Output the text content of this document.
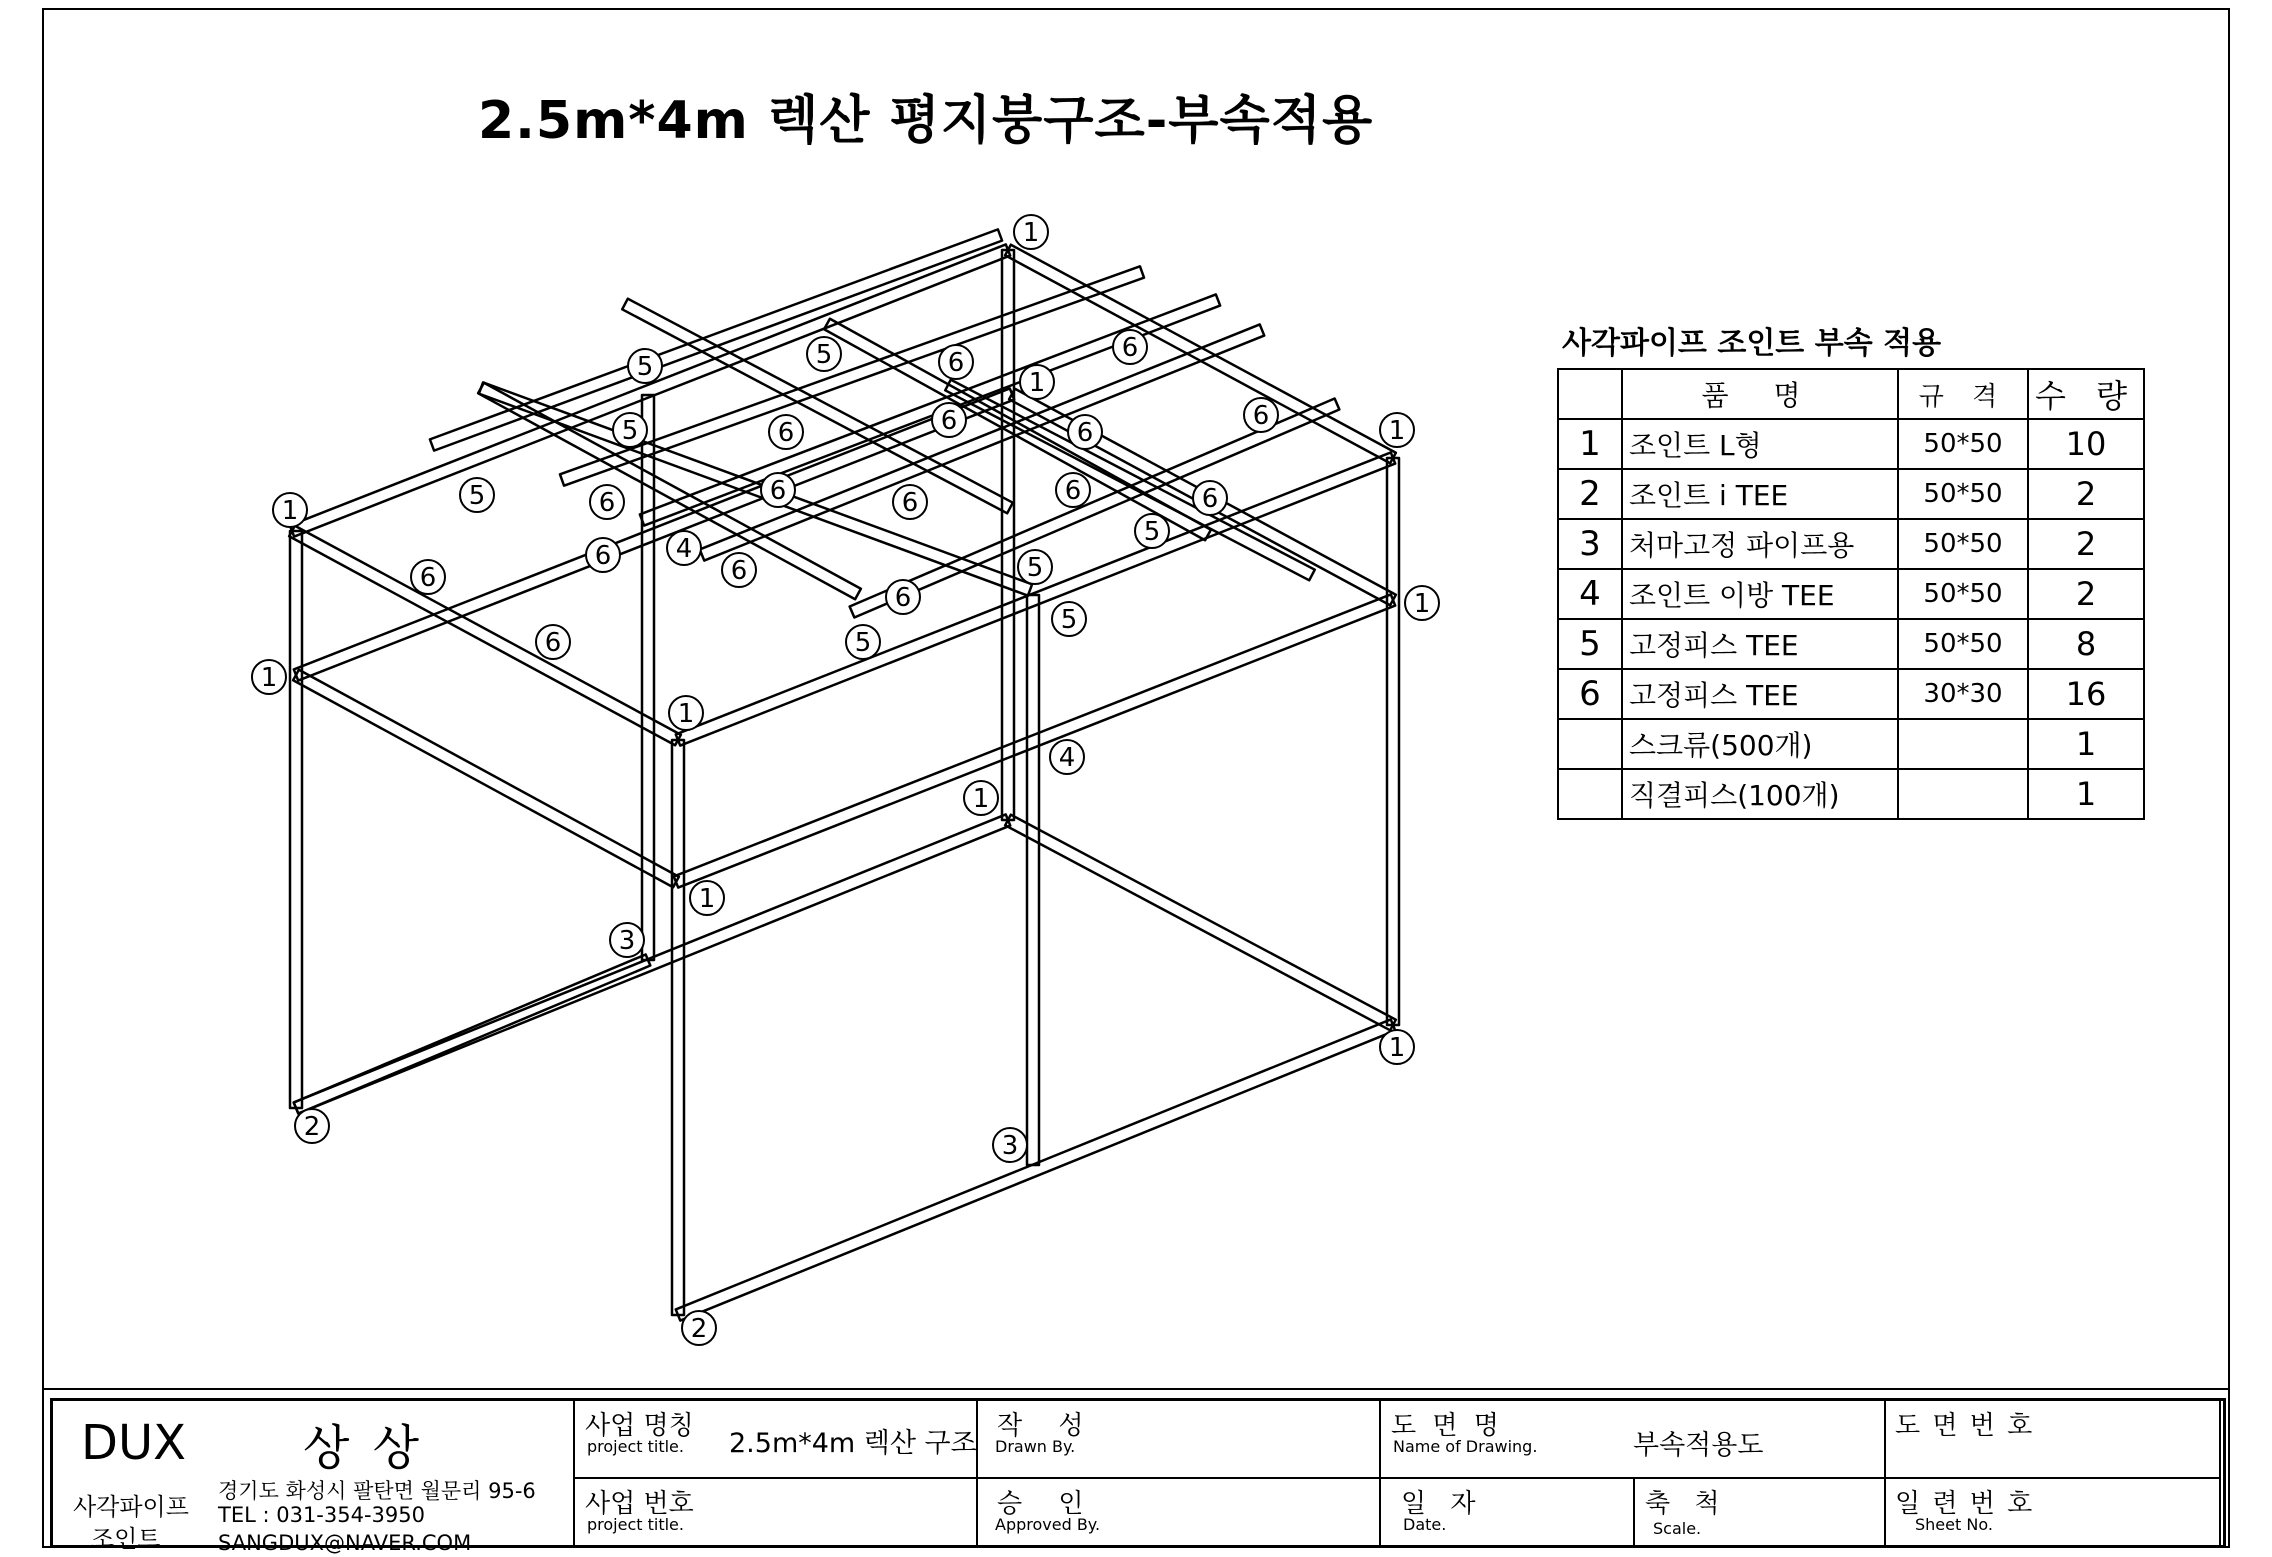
2.5m*4m 렉산 평지붕구조-부속적용
1
1
1
1
1
1
1
1
1
1
2
2
3
3
4
4
5	5
5
5
5
5
5
5
6	6
6
6
6	6
6	6	6	6
6
6	6
6
6
6
사각파이프 조인트 부속 적용
	품 명	규 격	수 량
1	조인트 L형	50*50	10
2	조인트 i TEE	50*50	2
3	처마고정 파이프용	50*50	2
4	조인트 이방 TEE	50*50	2
5	고정피스 TEE	50*50	8
6	고정피스 TEE	30*30	16
	스크류(500개)		1
	직결피스(100개)		1
DUX 상 상
사각파이프
조인트
경기도 화성시 팔탄면 월문리 95-6
TEL : 031-354-3950
SANGDUX@NAVER.COM
사업 명칭
project title. 2.5m*4m 렉산 구조
사업 번호
project title.
작 성
Drawn By.
승 인
Approved By.
도 면 명
Name of Drawing.	부속적용도
일 자
Date.
축 척
Scale.
도 면 번 호
일 련 번 호
Sheet No.
